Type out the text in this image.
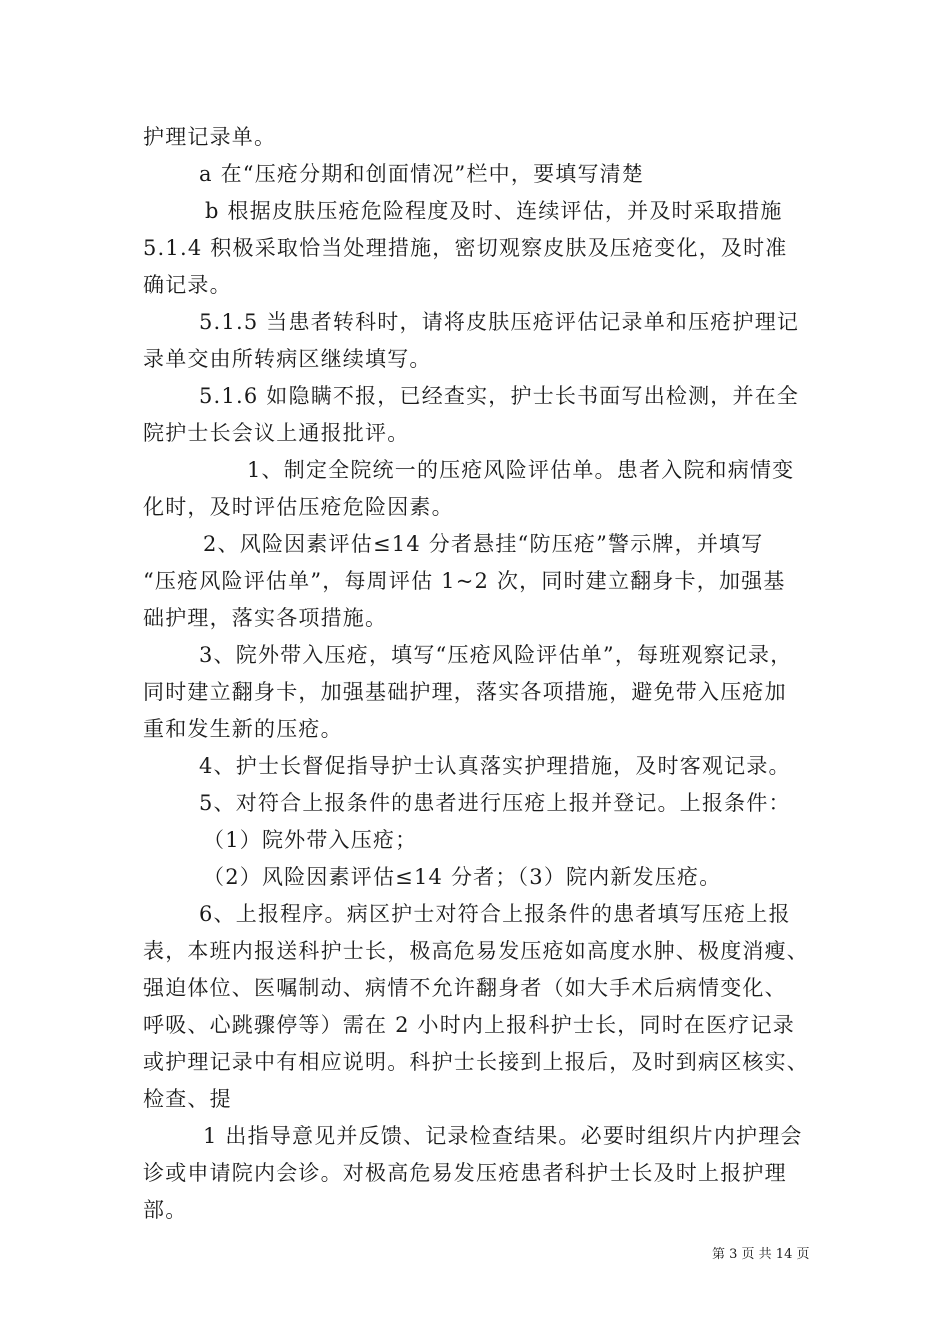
护理记录单。
a 在“压疮分期和创面情况”栏中，要填写清楚
b 根据皮肤压疮危险程度及时、连续评估，并及时采取措施
5.1.4 积极采取恰当处理措施，密切观察皮肤及压疮变化，及时准
确记录。
5.1.5 当患者转科时，请将皮肤压疮评估记录单和压疮护理记
录单交由所转病区继续填写。
5.1.6 如隐瞒不报，已经查实，护士长书面写出检测，并在全
院护士长会议上通报批评。
1、制定全院统一的压疮风险评估单。患者入院和病情变
化时，及时评估压疮危险因素。
2、风险因素评估≤14 分者悬挂“防压疮”警示牌，并填写
“压疮风险评估单”，每周评估 1~2 次，同时建立翻身卡，加强基
础护理，落实各项措施。
3、院外带入压疮，填写“压疮风险评估单”，每班观察记录，
同时建立翻身卡，加强基础护理，落实各项措施，避免带入压疮加
重和发生新的压疮。
4、护士长督促指导护士认真落实护理措施，及时客观记录。
5、对符合上报条件的患者进行压疮上报并登记。上报条件：
（1）院外带入压疮；
（2）风险因素评估≤14 分者；（3）院内新发压疮。
6、上报程序。病区护士对符合上报条件的患者填写压疮上报
表，本班内报送科护士长，极高危易发压疮如高度水肿、极度消瘦、
强迫体位、医嘱制动、病情不允许翻身者（如大手术后病情变化、
呼吸、心跳骤停等）需在 2 小时内上报科护士长，同时在医疗记录
或护理记录中有相应说明。科护士长接到上报后，及时到病区核实、
检查、提
1 出指导意见并反馈、记录检查结果。必要时组织片内护理会
诊或申请院内会诊。对极高危易发压疮患者科护士长及时上报护理
部。
第 3 页 共 14 页
